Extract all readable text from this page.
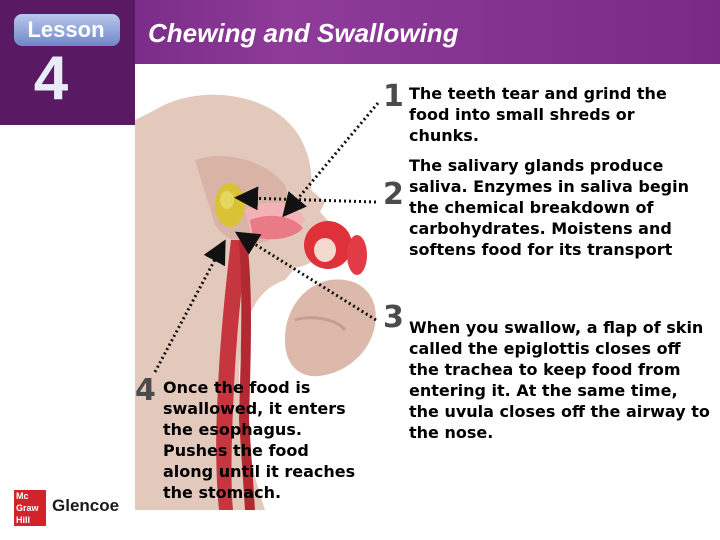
Lesson
4
Chewing and Swallowing
1 The teeth tear and grind the food into small shreds or chunks.
2
The salivary glands produce saliva. Enzymes in saliva begin the chemical breakdown of carbohydrates. Moistens and softens food for its transport
3 When you swallow, a flap of skin called the epiglottis closes off the trachea to keep food from entering it. At the same time, the uvula closes off the airway to the nose.
4 Once the food is swallowed, it enters the esophagus. Pushes the food along until it reaches the stomach.
Mc
Graw
Hill
Glencoe
